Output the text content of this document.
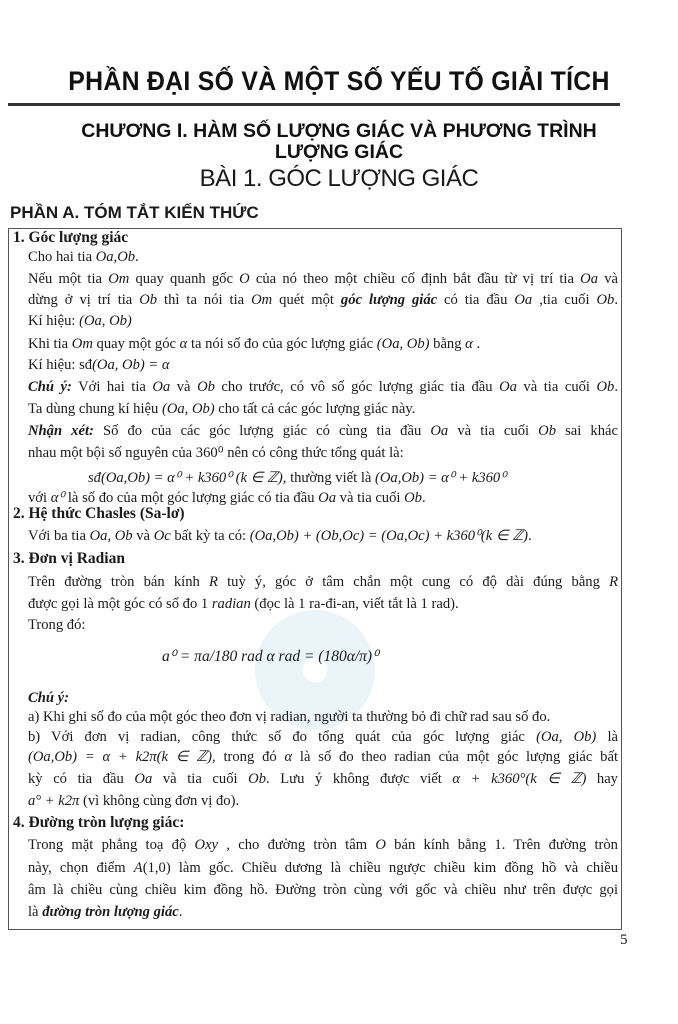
PHẦN ĐẠI SỐ VÀ MỘT SỐ YẾU TỐ GIẢI TÍCH
CHƯƠNG I. HÀM SỐ LƯỢNG GIÁC VÀ PHƯƠNG TRÌNH
LƯỢNG GIÁC
BÀI 1. GÓC LƯỢNG GIÁC
PHẦN A. TÓM TẮT KIẾN THỨC
1. Góc lượng giác
Cho hai tia Oa,Ob.
Nếu một tia Om quay quanh gốc O của nó theo một chiều cố định bắt đầu từ vị trí tia Oa và
dừng ở vị trí tia Ob thì ta nói tia Om quét một góc lượng giác có tia đầu Oa ,tia cuối Ob.
Kí hiệu: (Oa, Ob)
Khi tia Om quay một góc α ta nói số đo của góc lượng giác (Oa, Ob) bằng α .
Kí hiệu: sđ(Oa, Ob) = α
Chú ý: Với hai tia Oa và Ob cho trước, có vô số góc lượng giác tia đầu Oa và tia cuối Ob.
Ta dùng chung kí hiệu (Oa, Ob) cho tất cả các góc lượng giác này.
Nhận xét: Số đo của các góc lượng giác có cùng tia đầu Oa và tia cuối Ob sai khác
nhau một bội số nguyên của 360⁰ nên có công thức tổng quát là:
sđ(Oa,Ob) = α⁰ + k360⁰ (k ∈ ℤ), thường viết là (Oa,Ob) = α⁰ + k360⁰
với α⁰ là số đo của một góc lượng giác có tia đầu Oa và tia cuối Ob.
2. Hệ thức Chasles (Sa-lơ)
Với ba tia Oa, Ob và Oc bất kỳ ta có: (Oa,Ob) + (Ob,Oc) = (Oa,Oc) + k360⁰(k ∈ ℤ).
3. Đơn vị Radian
Trên đường tròn bán kính R tuỳ ý, góc ở tâm chắn một cung có độ dài đúng bằng R
được gọi là một góc có số đo 1 radian (đọc là 1 ra-đi-an, viết tắt là 1 rad).
Trong đó:
a⁰ = πa/180 rad α rad = (180α/π)⁰
Chú ý:
a) Khi ghi số đo của một góc theo đơn vị radian, người ta thường bỏ đi chữ rad sau số đo.
b) Với đơn vị radian, công thức số đo tổng quát của góc lượng giác (Oa, Ob) là
(Oa,Ob) = α + k2π(k ∈ ℤ), trong đó α là số đo theo radian của một góc lượng giác bất
kỳ có tia đầu Oa và tia cuối Ob. Lưu ý không được viết α + k360°(k ∈ ℤ) hay
a° + k2π (vì không cùng đơn vị đo).
4. Đường tròn lượng giác:
Trong mặt phẳng toạ độ Oxy , cho đường tròn tâm O bán kính bằng 1. Trên đường tròn
này, chọn điểm A(1,0) làm gốc. Chiều dương là chiều ngược chiều kim đồng hồ và chiều
âm là chiều cùng chiều kim đồng hồ. Đường tròn cùng với gốc và chiều như trên được gọi
là đường tròn lượng giác.
5
